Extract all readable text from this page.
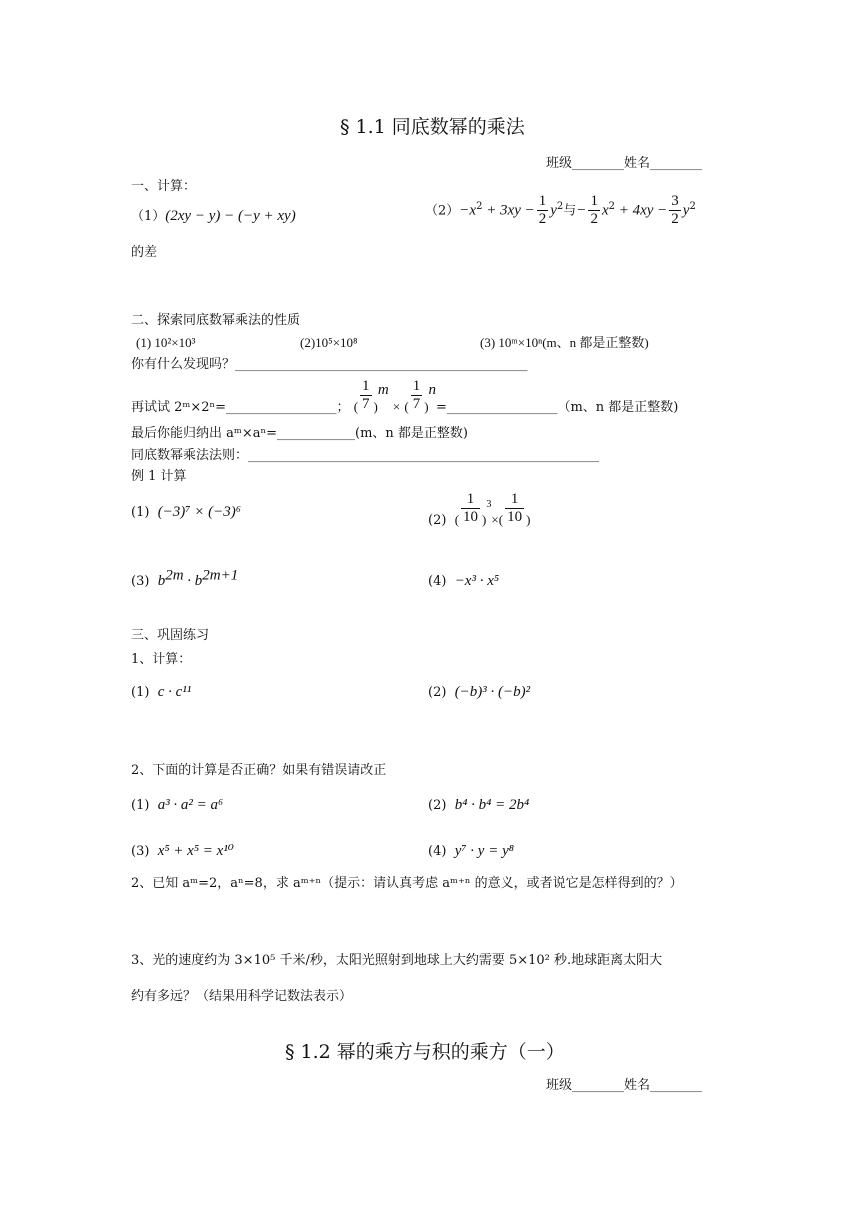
§ 1.1 同底数幂的乘法
班级________姓名________
一、计算：
（1）(2xy − y) − (−y + xy)	$(2)-x^2 + 3xy - \frac{1}{2} y^2$与− $\frac{1}{2} x^2 + 4xy - \frac{3}{2} y^2$
的差
二、探索同底数幂乘法的性质
(1) 10²×10³	(2)10⁵×10⁸	(3) 10ᵐ×10ⁿ(m、n 都是正整数)
你有什么发现吗？_____________________________________________
再试试 2ᵐ×2ⁿ=_________________； ( $\frac{1}{7} )^m$ × ( $\frac{1}{7}$ )$^n$=_________________（m、n 都是正整数)
最后你能归纳出 aᵐ×aⁿ=____________(m、n 都是正整数)
同底数幂乘法法则：______________________________________________________
例 1 计算
(1) (−3)⁷ × (−3)⁶
(2) ( $\frac{1}{10} )^3\times( \frac{1}{10}$ )
(3) $b^{2m} \cdot b^{2m+1}$	(4) −x³ · x⁵
三、巩固练习
1、计算：
(1) c · c¹¹	(2) (−b)³ · (−b)²
2、下面的计算是否正确？如果有错误请改正
(1) a³ · a² = a⁶	(2) b⁴ · b⁴ = 2b⁴
(3) x⁵ + x⁵ = x¹⁰	(4) y⁷ · y = y⁸
2、已知 aᵐ=2，aⁿ=8，求 aᵐ⁺ⁿ（提示：请认真考虑 aᵐ⁺ⁿ 的意义，或者说它是怎样得到的？）
3、光的速度约为 3×10⁵ 千米/秒，太阳光照射到地球上大约需要 5×10² 秒.地球距离太阳大
约有多远？（结果用科学记数法表示）
§ 1.2 幂的乘方与积的乘方（一）
班级________姓名________
